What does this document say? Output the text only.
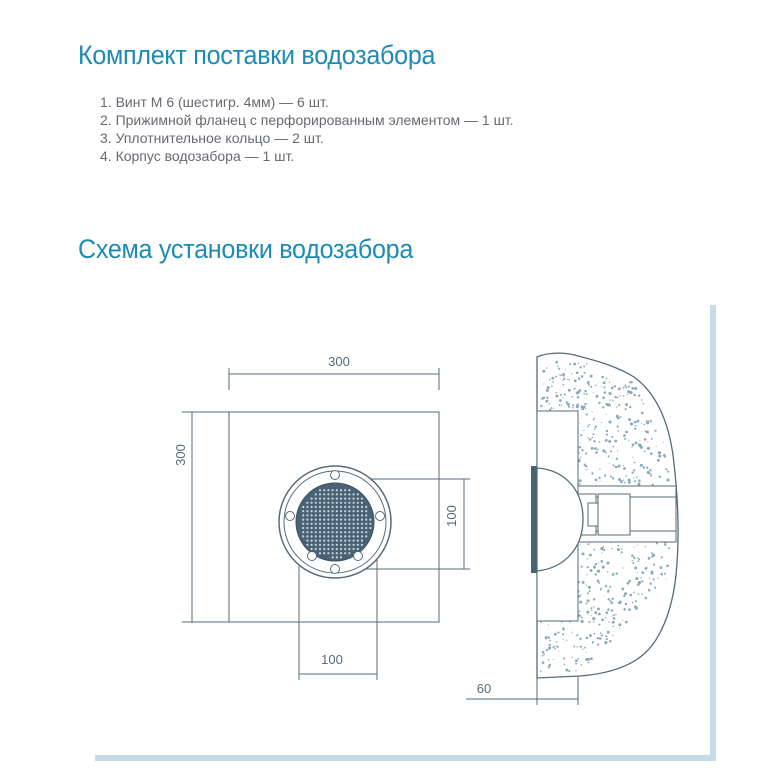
Комплект поставки водозабора
1. Винт М 6 (шестигр. 4мм) — 6 шт.
2. Прижимной фланец с перфорированным элементом — 1 шт.
3. Уплотнительное кольцо — 2 шт.
4. Корпус водозабора — 1 шт.
Схема установки водозабора
300
300
100
100
60
